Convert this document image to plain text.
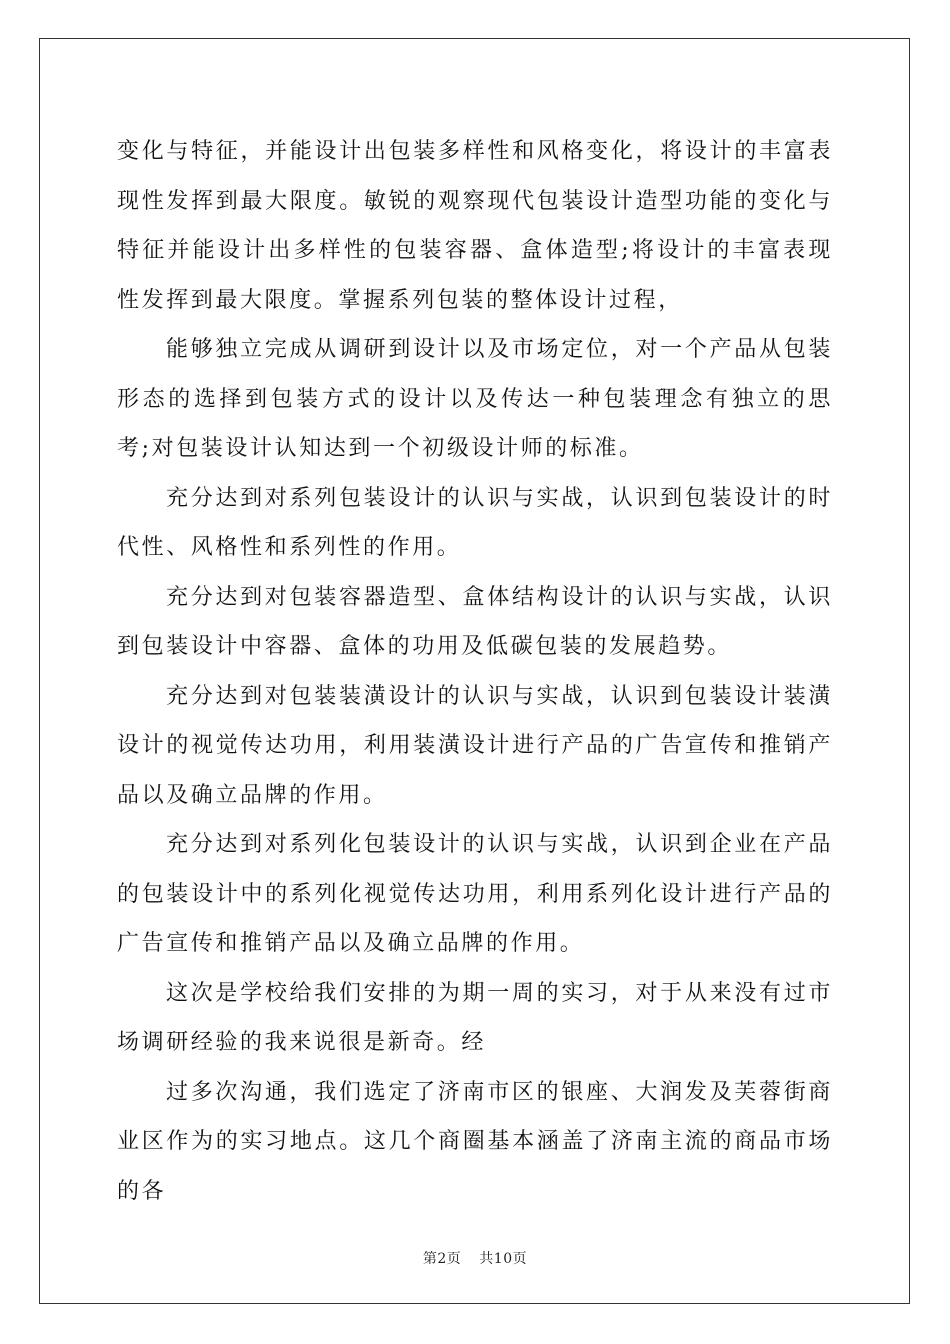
变化与特征，并能设计出包装多样性和风格变化，将设计的丰富表现性发挥到最大限度。敏锐的观察现代包装设计造型功能的变化与特征并能设计出多样性的包装容器、盒体造型;将设计的丰富表现性发挥到最大限度。掌握系列包装的整体设计过程，

能够独立完成从调研到设计以及市场定位，对一个产品从包装形态的选择到包装方式的设计以及传达一种包装理念有独立的思考;对包装设计认知达到一个初级设计师的标准。

充分达到对系列包装设计的认识与实战，认识到包装设计的时代性、风格性和系列性的作用。

充分达到对包装容器造型、盒体结构设计的认识与实战，认识到包装设计中容器、盒体的功用及低碳包装的发展趋势。

充分达到对包装装潢设计的认识与实战，认识到包装设计装潢设计的视觉传达功用，利用装潢设计进行产品的广告宣传和推销产品以及确立品牌的作用。

充分达到对系列化包装设计的认识与实战，认识到企业在产品的包装设计中的系列化视觉传达功用，利用系列化设计进行产品的广告宣传和推销产品以及确立品牌的作用。

这次是学校给我们安排的为期一周的实习，对于从来没有过市场调研经验的我来说很是新奇。经

过多次沟通，我们选定了济南市区的银座、大润发及芙蓉街商业区作为的实习地点。这几个商圈基本涵盖了济南主流的商品市场的各

第2页 共10页
